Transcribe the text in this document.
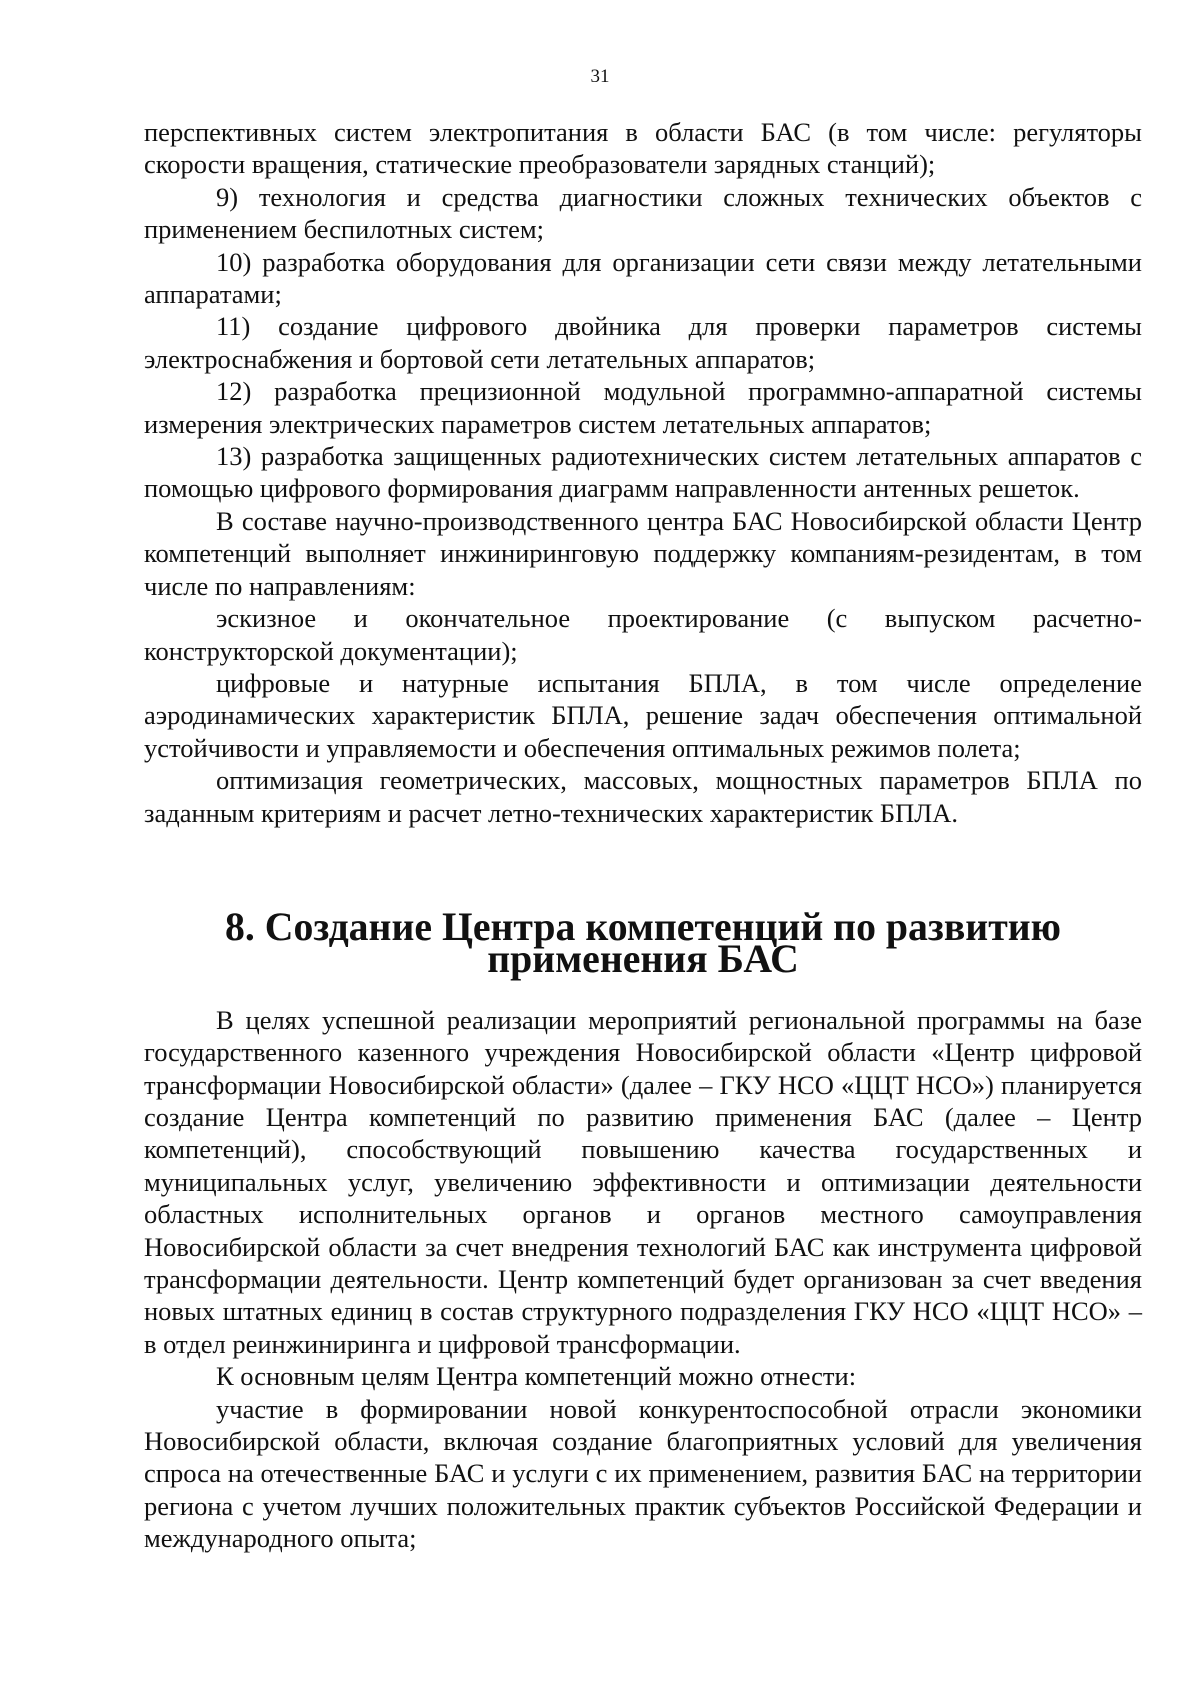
31

перспективных систем электропитания в области БАС (в том числе: регуляторы скорости вращения, статические преобразователи зарядных станций);

9) технология и средства диагностики сложных технических объектов с применением беспилотных систем;

10) разработка оборудования для организации сети связи между летательными аппаратами;

11) создание цифрового двойника для проверки параметров системы электроснабжения и бортовой сети летательных аппаратов;

12) разработка прецизионной модульной программно-аппаратной системы измерения электрических параметров систем летательных аппаратов;

13) разработка защищенных радиотехнических систем летательных аппаратов с помощью цифрового формирования диаграмм направленности антенных решеток.

В составе научно-производственного центра БАС Новосибирской области Центр компетенций выполняет инжиниринговую поддержку компаниям-резидентам, в том числе по направлениям:

эскизное и окончательное проектирование (с выпуском расчетно-конструкторской документации);

цифровые и натурные испытания БПЛА, в том числе определение аэродинамических характеристик БПЛА, решение задач обеспечения оптимальной устойчивости и управляемости и обеспечения оптимальных режимов полета;

оптимизация геометрических, массовых, мощностных параметров БПЛА по заданным критериям и расчет летно-технических характеристик БПЛА.

8. Создание Центра компетенций по развитию применения БАС

В целях успешной реализации мероприятий региональной программы на базе государственного казенного учреждения Новосибирской области «Центр цифровой трансформации Новосибирской области» (далее – ГКУ НСО «ЦЦТ НСО») планируется создание Центра компетенций по развитию применения БАС (далее – Центр компетенций), способствующий повышению качества государственных и муниципальных услуг, увеличению эффективности и оптимизации деятельности областных исполнительных органов и органов местного самоуправления Новосибирской области за счет внедрения технологий БАС как инструмента цифровой трансформации деятельности. Центр компетенций будет организован за счет введения новых штатных единиц в состав структурного подразделения ГКУ НСО «ЦЦТ НСО» – в отдел реинжиниринга и цифровой трансформации.

К основным целям Центра компетенций можно отнести:

участие в формировании новой конкурентоспособной отрасли экономики Новосибирской области, включая создание благоприятных условий для увеличения спроса на отечественные БАС и услуги с их применением, развития БАС на территории региона с учетом лучших положительных практик субъектов Российской Федерации и международного опыта;
